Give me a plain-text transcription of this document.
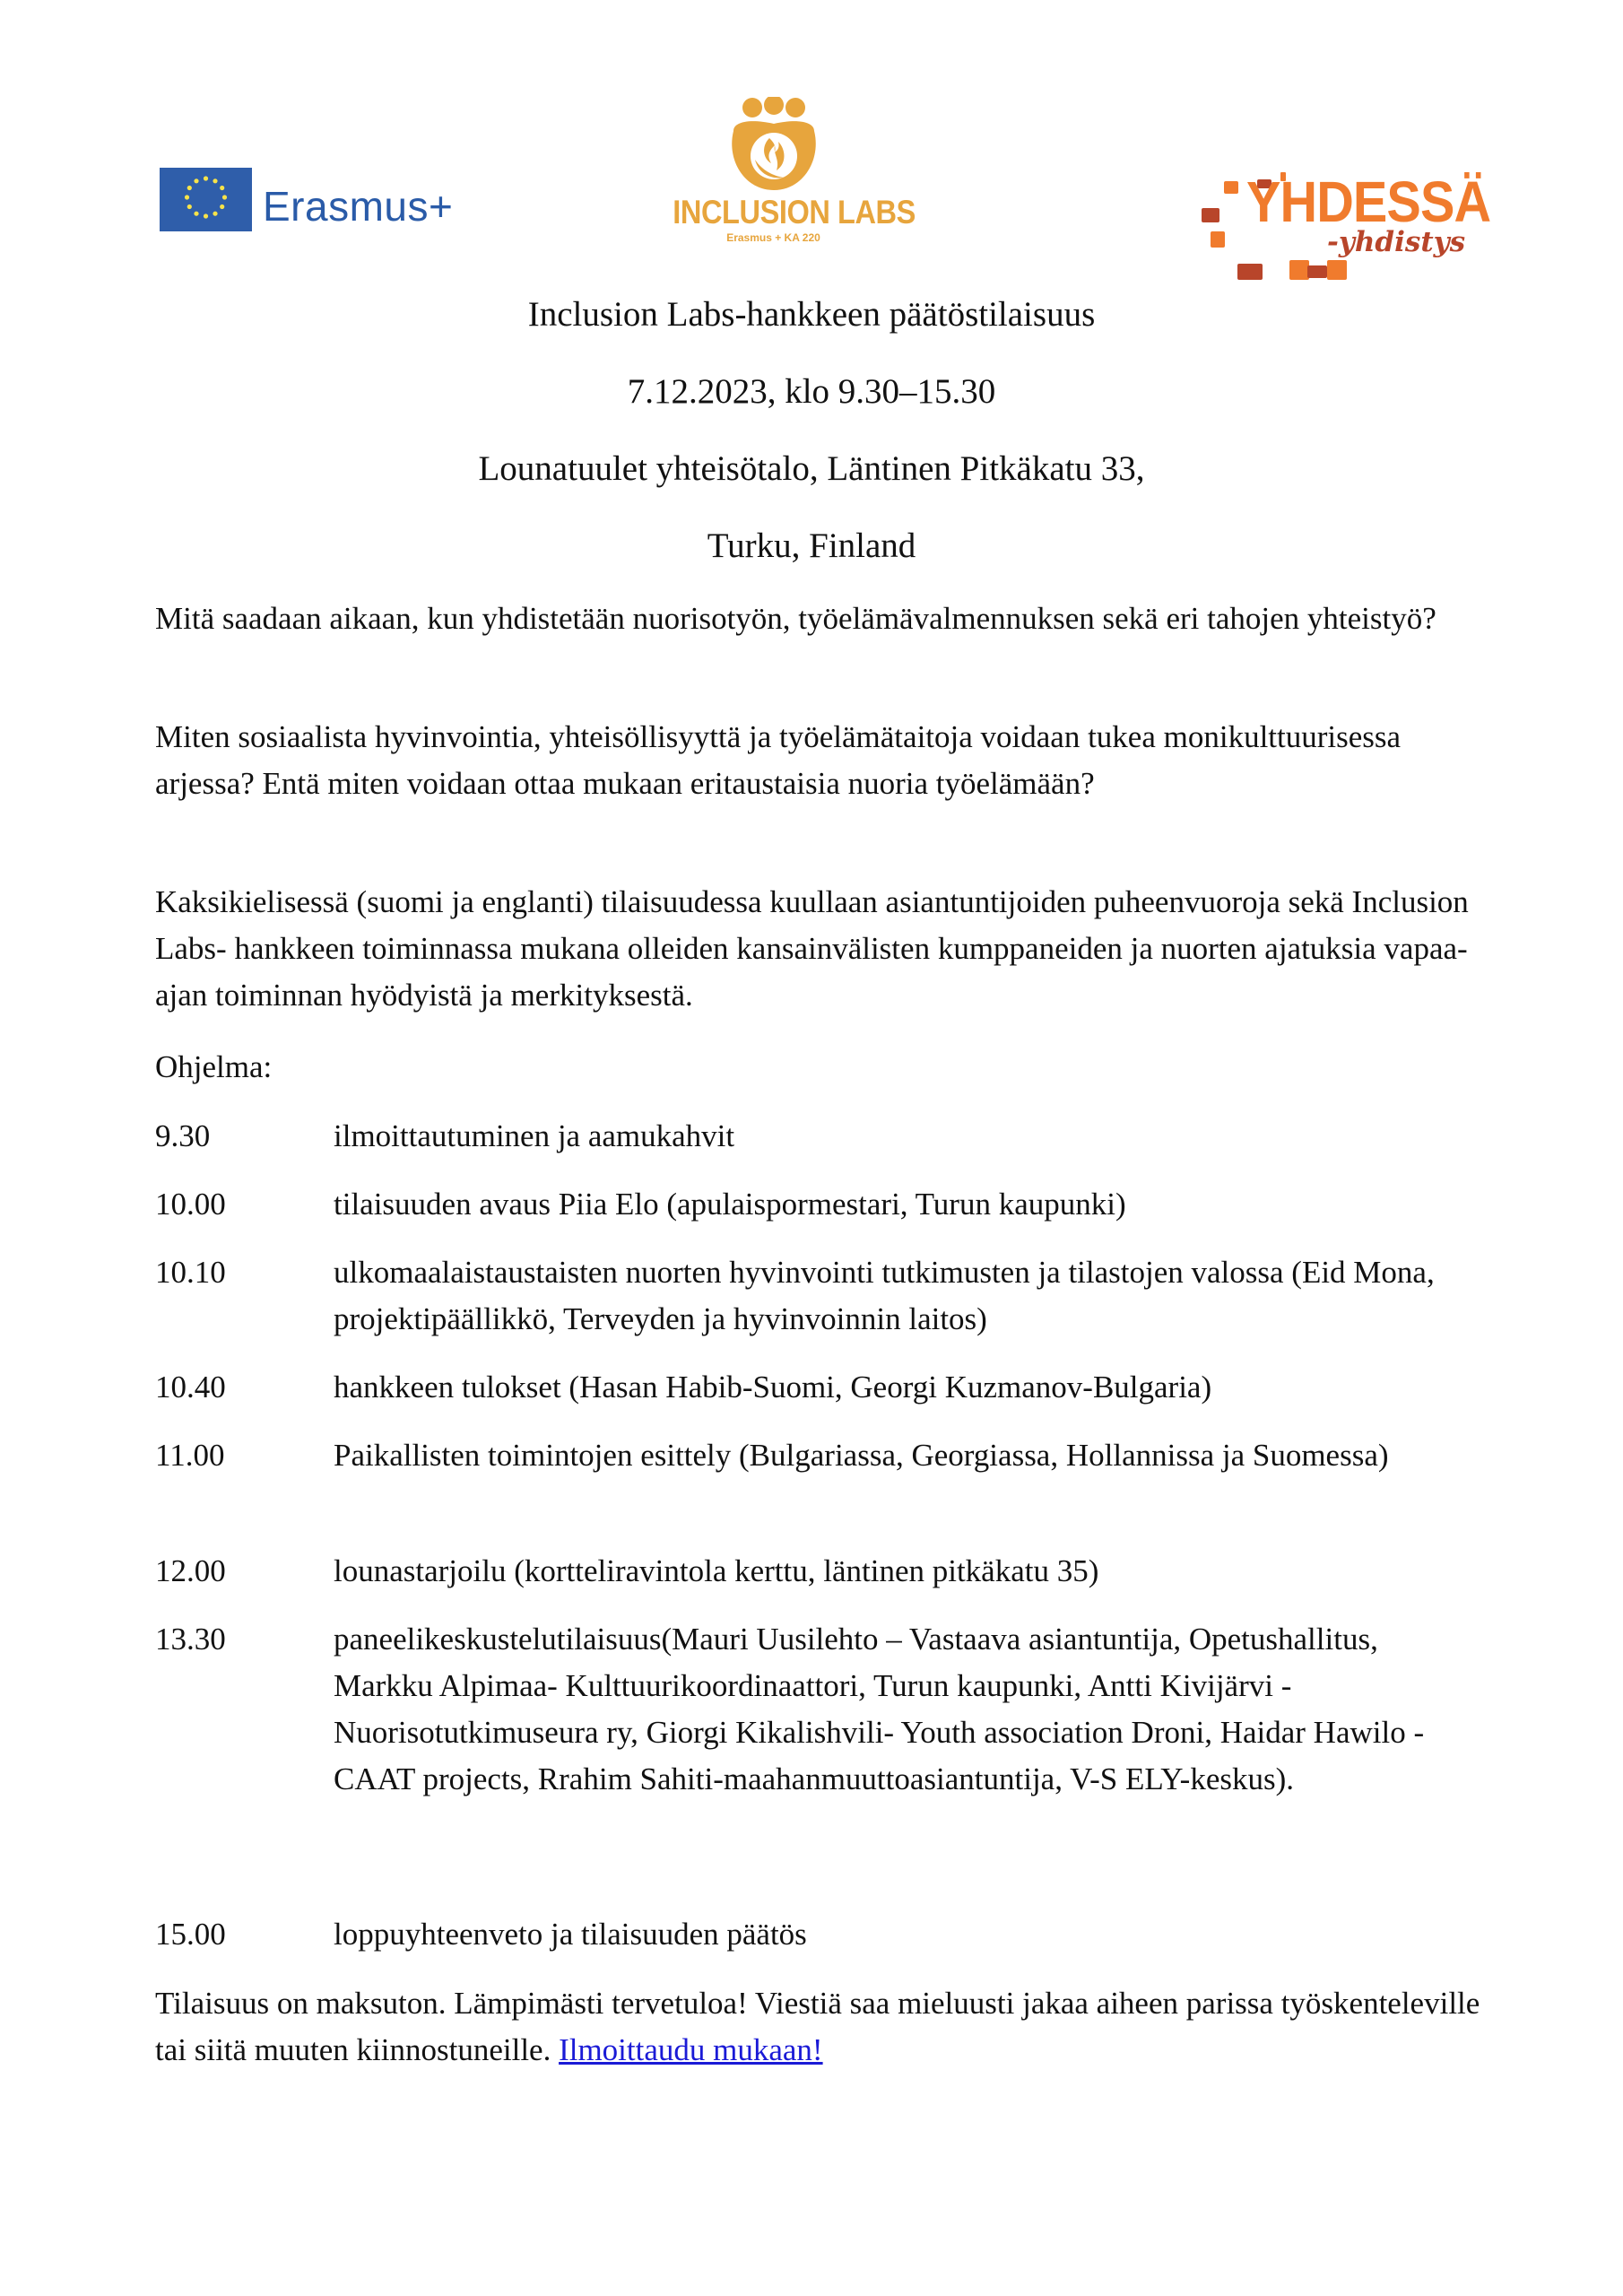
Erasmus+	INCLUSION LABS
Erasmus + KA 220
YHDESSÄ
-yhdistys
Inclusion Labs-hankkeen päätöstilaisuus
7.12.2023, klo 9.30–15.30
Lounatuulet yhteisötalo, Läntinen Pitkäkatu 33,
Turku, Finland

Mitä saadaan aikaan, kun yhdistetään nuorisotyön, työelämävalmennuksen sekä eri tahojen yhteistyö?

Miten sosiaalista hyvinvointia, yhteisöllisyyttä ja työelämätaitoja voidaan tukea monikulttuurisessa arjessa? Entä miten voidaan ottaa mukaan eritaustaisia nuoria työelämään?

Kaksikielisessä (suomi ja englanti) tilaisuudessa kuullaan asiantuntijoiden puheenvuoroja sekä Inclusion Labs- hankkeen toiminnassa mukana olleiden kansainvälisten kumppaneiden ja nuorten ajatuksia vapaa-ajan toiminnan hyödyistä ja merkityksestä.

Ohjelma:

9.30	ilmoittautuminen ja aamukahvit
10.00	tilaisuuden avaus Piia Elo (apulaispormestari, Turun kaupunki)
10.10	ulkomaalaistaustaisten nuorten hyvinvointi tutkimusten ja tilastojen valossa (Eid Mona, projektipäällikkö, Terveyden ja hyvinvoinnin laitos)
10.40	hankkeen tulokset (Hasan Habib-Suomi, Georgi Kuzmanov-Bulgaria)
11.00	Paikallisten toimintojen esittely (Bulgariassa, Georgiassa, Hollannissa ja Suomessa)
12.00	lounastarjoilu (kortteliravintola kerttu, läntinen pitkäkatu 35)
13.30	paneelikeskustelutilaisuus(Mauri Uusilehto – Vastaava asiantuntija, Opetushallitus, Markku Alpimaa- Kulttuurikoordinaattori, Turun kaupunki, Antti Kivijärvi -Nuorisotutkimuseura ry, Giorgi Kikalishvili- Youth association Droni, Haidar Hawilo - CAAT projects, Rrahim Sahiti-maahanmuuttoasiantuntija, V-S ELY-keskus).
15.00	loppuyhteenveto ja tilaisuuden päätös

Tilaisuus on maksuton. Lämpimästi tervetuloa! Viestiä saa mieluusti jakaa aiheen parissa työskenteleville tai siitä muuten kiinnostuneille. Ilmoittaudu mukaan!
